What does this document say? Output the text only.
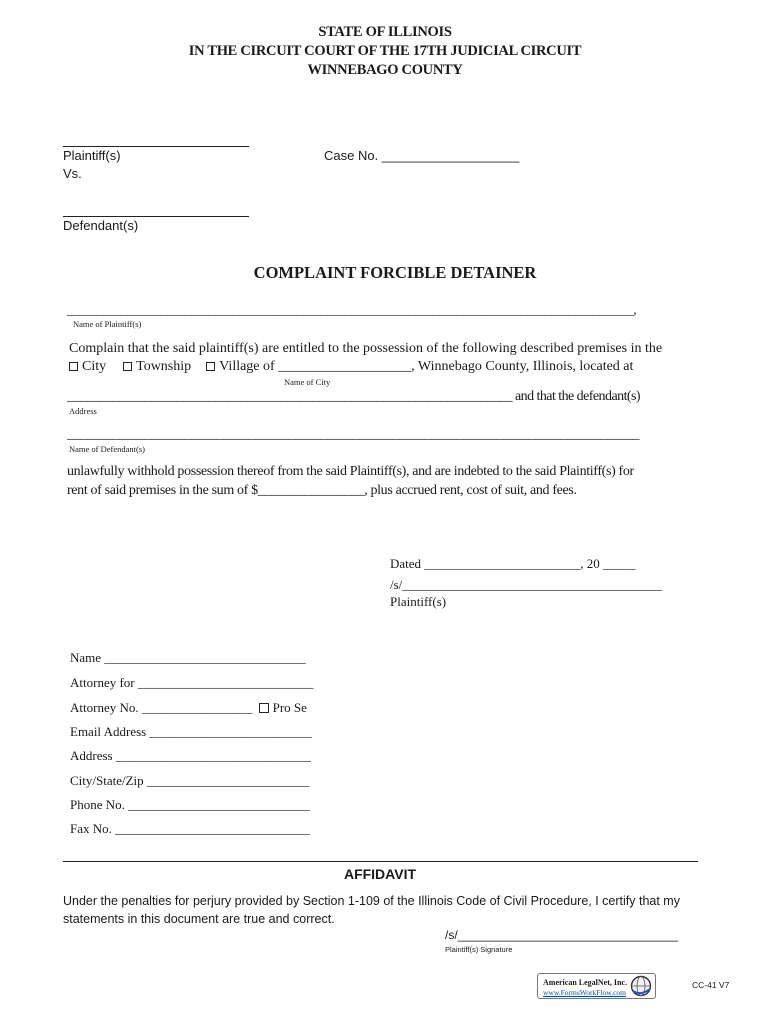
STATE OF ILLINOIS
IN THE CIRCUIT COURT OF THE 17TH JUDICIAL CIRCUIT
WINNEBAGO COUNTY
Plaintiff(s)
Vs.
Case No. ___________________
Defendant(s)
COMPLAINT FORCIBLE DETAINER
________________________________________________________________________________________________,
Name of Plaintiff(s)
Complain that the said plaintiff(s) are entitled to the possession of the following described premises in the
City Township Village of ___________________, Winnebago County, Illinois, located at
Name of City
_____________________________________________________________________ and that the defendant(s)
Address
________________________________________________________________________________________
Name of Defendant(s)
unlawfully withhold possession thereof from the said Plaintiff(s), and are indebted to the said Plaintiff(s) for
rent of said premises in the sum of $________________, plus accrued rent, cost of suit, and fees.
Dated ________________________, 20 _____
/s/________________________________________
Plaintiff(s)
Name _______________________________
Attorney for ___________________________
Attorney No. _________________ Pro Se
Email Address _________________________
Address ______________________________
City/State/Zip _________________________
Phone No. ____________________________
Fax No. ______________________________
AFFIDAVIT
Under the penalties for perjury provided by Section 1-109 of the Illinois Code of Civil Procedure, I certify that my
statements in this document are true and correct.
/s/_________________________________
Plaintiff(s) Signature
American LegalNet, Inc.
www.FormsWorkFlow.com
CC-41 V7
